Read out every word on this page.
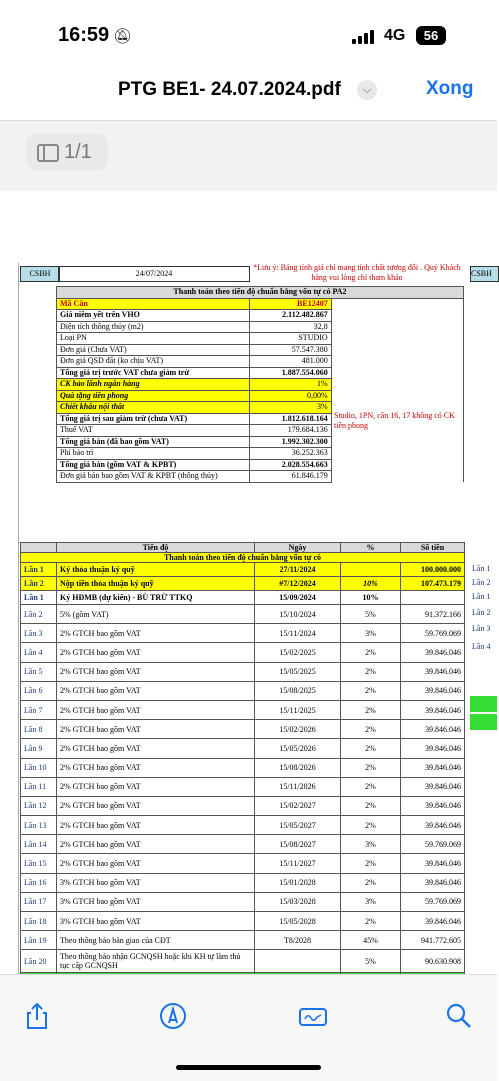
16:59 🔕︎	4G	56
PTG BE1- 24.07.2024.pdf	⌵	Xong
1/1
CSBH	24/07/2024
*Lưu ý: Bảng tính giá chỉ mang tính chất tương đối . Quý Khách hàng vui lòng chỉ tham khảo	CSBH
Thanh toán theo tiến độ chuẩn bằng vốn tự có PA2		
Mã Căn	BE12407	
Giá niêm yết trên VHO	2.112.482.867	
Diện tích thông thủy (m2)	32,8	
Loại PN	STUDIO	
Đơn giá (Chưa VAT)	57.547.380	
Đơn giá QSD đất (ko chịu VAT)	481.000	
Tổng giá trị trước VAT chưa giảm trừ	1.887.554.060	
CK bảo lãnh ngân hàng	1%	
Quà tặng tiền phong	0,00%	
Chiết khấu nội thất	3%	
Tổng giá trị sau giảm trừ (chưa VAT)	1.812.618.164	
Thuế VAT	179.684.136	
Tổng giá bán (đã bao gồm VAT)	1.992.302.300	
Phí bảo trì	36.252.363	
Tổng giá bán (gồm VAT & KPBT)	2.028.554.663	
Đơn giá bán bao gồm VAT & KPBT (thông thủy)	61.846.179	
Studio, 1PN, căn 16, 17 không có CK tiền phong
	Tiến độ	Ngày	%	Số tiền
Thanh toán theo tiến độ chuẩn bằng vốn tự có				
Lần 1	Ký thỏa thuận ký quỹ	27/11/2024		100.000.000
Lần 2	Nộp tiền thỏa thuận ký quỹ	#7/12/2024	10%	107.473.179
Lần 1	Ký HĐMB (dự kiến) - BÙ TRỪ TTKQ	15/09/2024	10%	
Lần 2	5% (gồm VAT)	15/10/2024	5%	91.372.166
Lần 3	2% GTCH bao gồm VAT	15/11/2024	3%	59.769.069
Lần 4	2% GTCH bao gồm VAT	15/02/2025	2%	39.846.046
Lần 5	2% GTCH bao gồm VAT	15/05/2025	2%	39.846.046
Lần 6	2% GTCH bao gồm VAT	15/08/2025	2%	39.846.046
Lần 7	2% GTCH bao gồm VAT	15/11/2025	2%	39.846.046
Lần 8	2% GTCH bao gồm VAT	15/02/2026	2%	39.846.046
Lần 9	2% GTCH bao gồm VAT	15/05/2026	2%	39.846.046
Lần 10	2% GTCH bao gồm VAT	15/08/2026	2%	39.846.046
Lần 11	2% GTCH bao gồm VAT	15/11/2026	2%	39.846.046
Lần 12	2% GTCH bao gồm VAT	15/02/2027	2%	39.846.046
Lần 13	2% GTCH bao gồm VAT	15/05/2027	2%	39.846.046
Lần 14	2% GTCH bao gồm VAT	15/08/2027	3%	59.769.069
Lần 15	2% GTCH bao gồm VAT	15/11/2027	2%	39.846.046
Lần 16	3% GTCH bao gồm VAT	15/01/2028	2%	39.846.046
Lần 17	3% GTCH bao gồm VAT	15/03/2028	3%	59.769.069
Lần 18	3% GTCH bao gồm VAT	15/05/2028	2%	39.846.046
Lần 19	Theo thông báo bàn giao của CĐT	T8/2028	45%	941.772.605
Lần 20	Theo thông báo nhận GCNQSH hoặc khi KH tự làm thủ tục cấp GCNQSH		5%	90.630.908

Lần 1
Lần 2
Lần 1
Lần 2
Lần 3
Lần 4
